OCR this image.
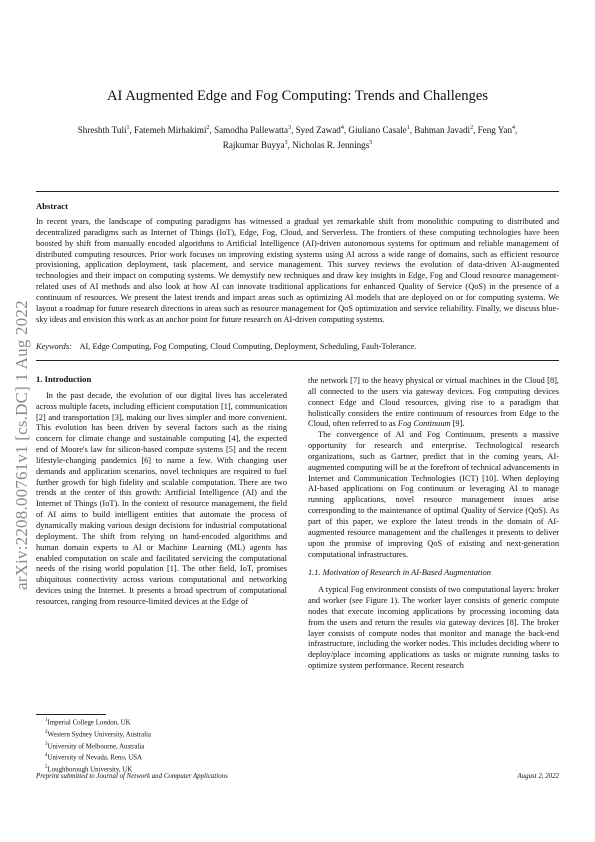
arXiv:2208.00761v1 [cs.DC] 1 Aug 2022
AI Augmented Edge and Fog Computing: Trends and Challenges
Shreshth Tuli$^1$, Fatemeh Mirhakimi$^2$, Samodha Pallewatta$^3$, Syed Zawad$^4$, Giuliano Casale$^1$, Bahman Javadi$^2$, Feng Yan$^4$,
Rajkumar Buyya$^3$, Nicholas R. Jennings$^5$
Abstract
In recent years, the landscape of computing paradigms has witnessed a gradual yet remarkable shift from monolithic computing to distributed and decentralized paradigms such as Internet of Things (IoT), Edge, Fog, Cloud, and Serverless. The frontiers of these computing technologies have been boosted by shift from manually encoded algorithms to Artificial Intelligence (AI)-driven autonomous systems for optimum and reliable management of distributed computing resources. Prior work focuses on improving existing systems using AI across a wide range of domains, such as efficient resource provisioning, application deployment, task placement, and service management. This survey reviews the evolution of data-driven AI-augmented technologies and their impact on computing systems. We demystify new techniques and draw key insights in Edge, Fog and Cloud resource management-related uses of AI methods and also look at how AI can innovate traditional applications for enhanced Quality of Service (QoS) in the presence of a continuum of resources. We present the latest trends and impact areas such as optimizing AI models that are deployed on or for computing systems. We layout a roadmap for future research directions in areas such as resource management for QoS optimization and service reliability. Finally, we discuss blue-sky ideas and envision this work as an anchor point for future research on AI-driven computing systems.
Keywords: AI, Edge Computing, Fog Computing, Cloud Computing, Deployment, Scheduling, Fault-Tolerance.
1. Introduction

In the past decade, the evolution of our digital lives has accelerated across multiple facets, including efficient computation [1], communication [2] and transportation [3], making our lives simpler and more convenient. This evolution has been driven by several factors such as the rising concern for climate change and sustainable computing [4], the expected end of Moore's law for silicon-based compute systems [5] and the recent lifestyle-changing pandemics [6] to name a few. With changing user demands and application scenarios, novel techniques are required to fuel further growth for high fidelity and scalable computation. There are two trends at the center of this growth: Artificial Intelligence (AI) and the Internet of Things (IoT). In the context of resource management, the field of AI aims to build intelligent entities that automate the process of dynamically making various design decisions for industrial computational deployment. The shift from relying on hand-encoded algorithms and human domain experts to AI or Machine Learning (ML) agents has enabled computation on scale and facilitated servicing the computational needs of the rising world population [1]. The other field, IoT, promises ubiquitous connectivity across various computational and networking devices using the Internet. It presents a broad spectrum of computational resources, ranging from resource-limited devices at the Edge of

the network [7] to the heavy physical or virtual machines in the Cloud [8], all connected to the users via gateway devices. Fog computing devices connect Edge and Cloud resources, giving rise to a paradigm that holistically considers the entire continuum of resources from Edge to the Cloud, often referred to as Fog Continuum [9].

The convergence of AI and Fog Continuum, presents a massive opportunity for research and enterprise. Technological research organizations, such as Gartner, predict that in the coming years, AI-augmented computing will be at the forefront of technical advancements in Internet and Communication Technologies (ICT) [10]. When deploying AI-based applications on Fog continuum or leveraging AI to manage running applications, novel resource management issues arise corresponding to the maintenance of optimal Quality of Service (QoS). As part of this paper, we explore the latest trends in the domain of AI-augmented resource management and the challenges it presents to deliver upon the promise of improving QoS of existing and next-generation computational infrastructures.

1.1. Motivation of Research in AI-Based Augmentation

A typical Fog environment consists of two computational layers: broker and worker (see Figure 1). The worker layer consists of generic compute nodes that execute incoming applications by processing incoming data from the users and return the results via gateway devices [8]. The broker layer consists of compute nodes that monitor and manage the back-end infrastructure, including the worker nodes. This includes deciding where to deploy/place incoming applications as tasks or migrate running tasks to optimize system performance. Recent research

$^1$Imperial College London, UK
$^2$Western Sydney University, Australia
$^3$University of Melbourne, Australia
$^4$University of Nevada, Reno, USA
$^5$Loughborough University, UK
Preprint submitted to Journal of Network and Computer Applications	August 2, 2022
